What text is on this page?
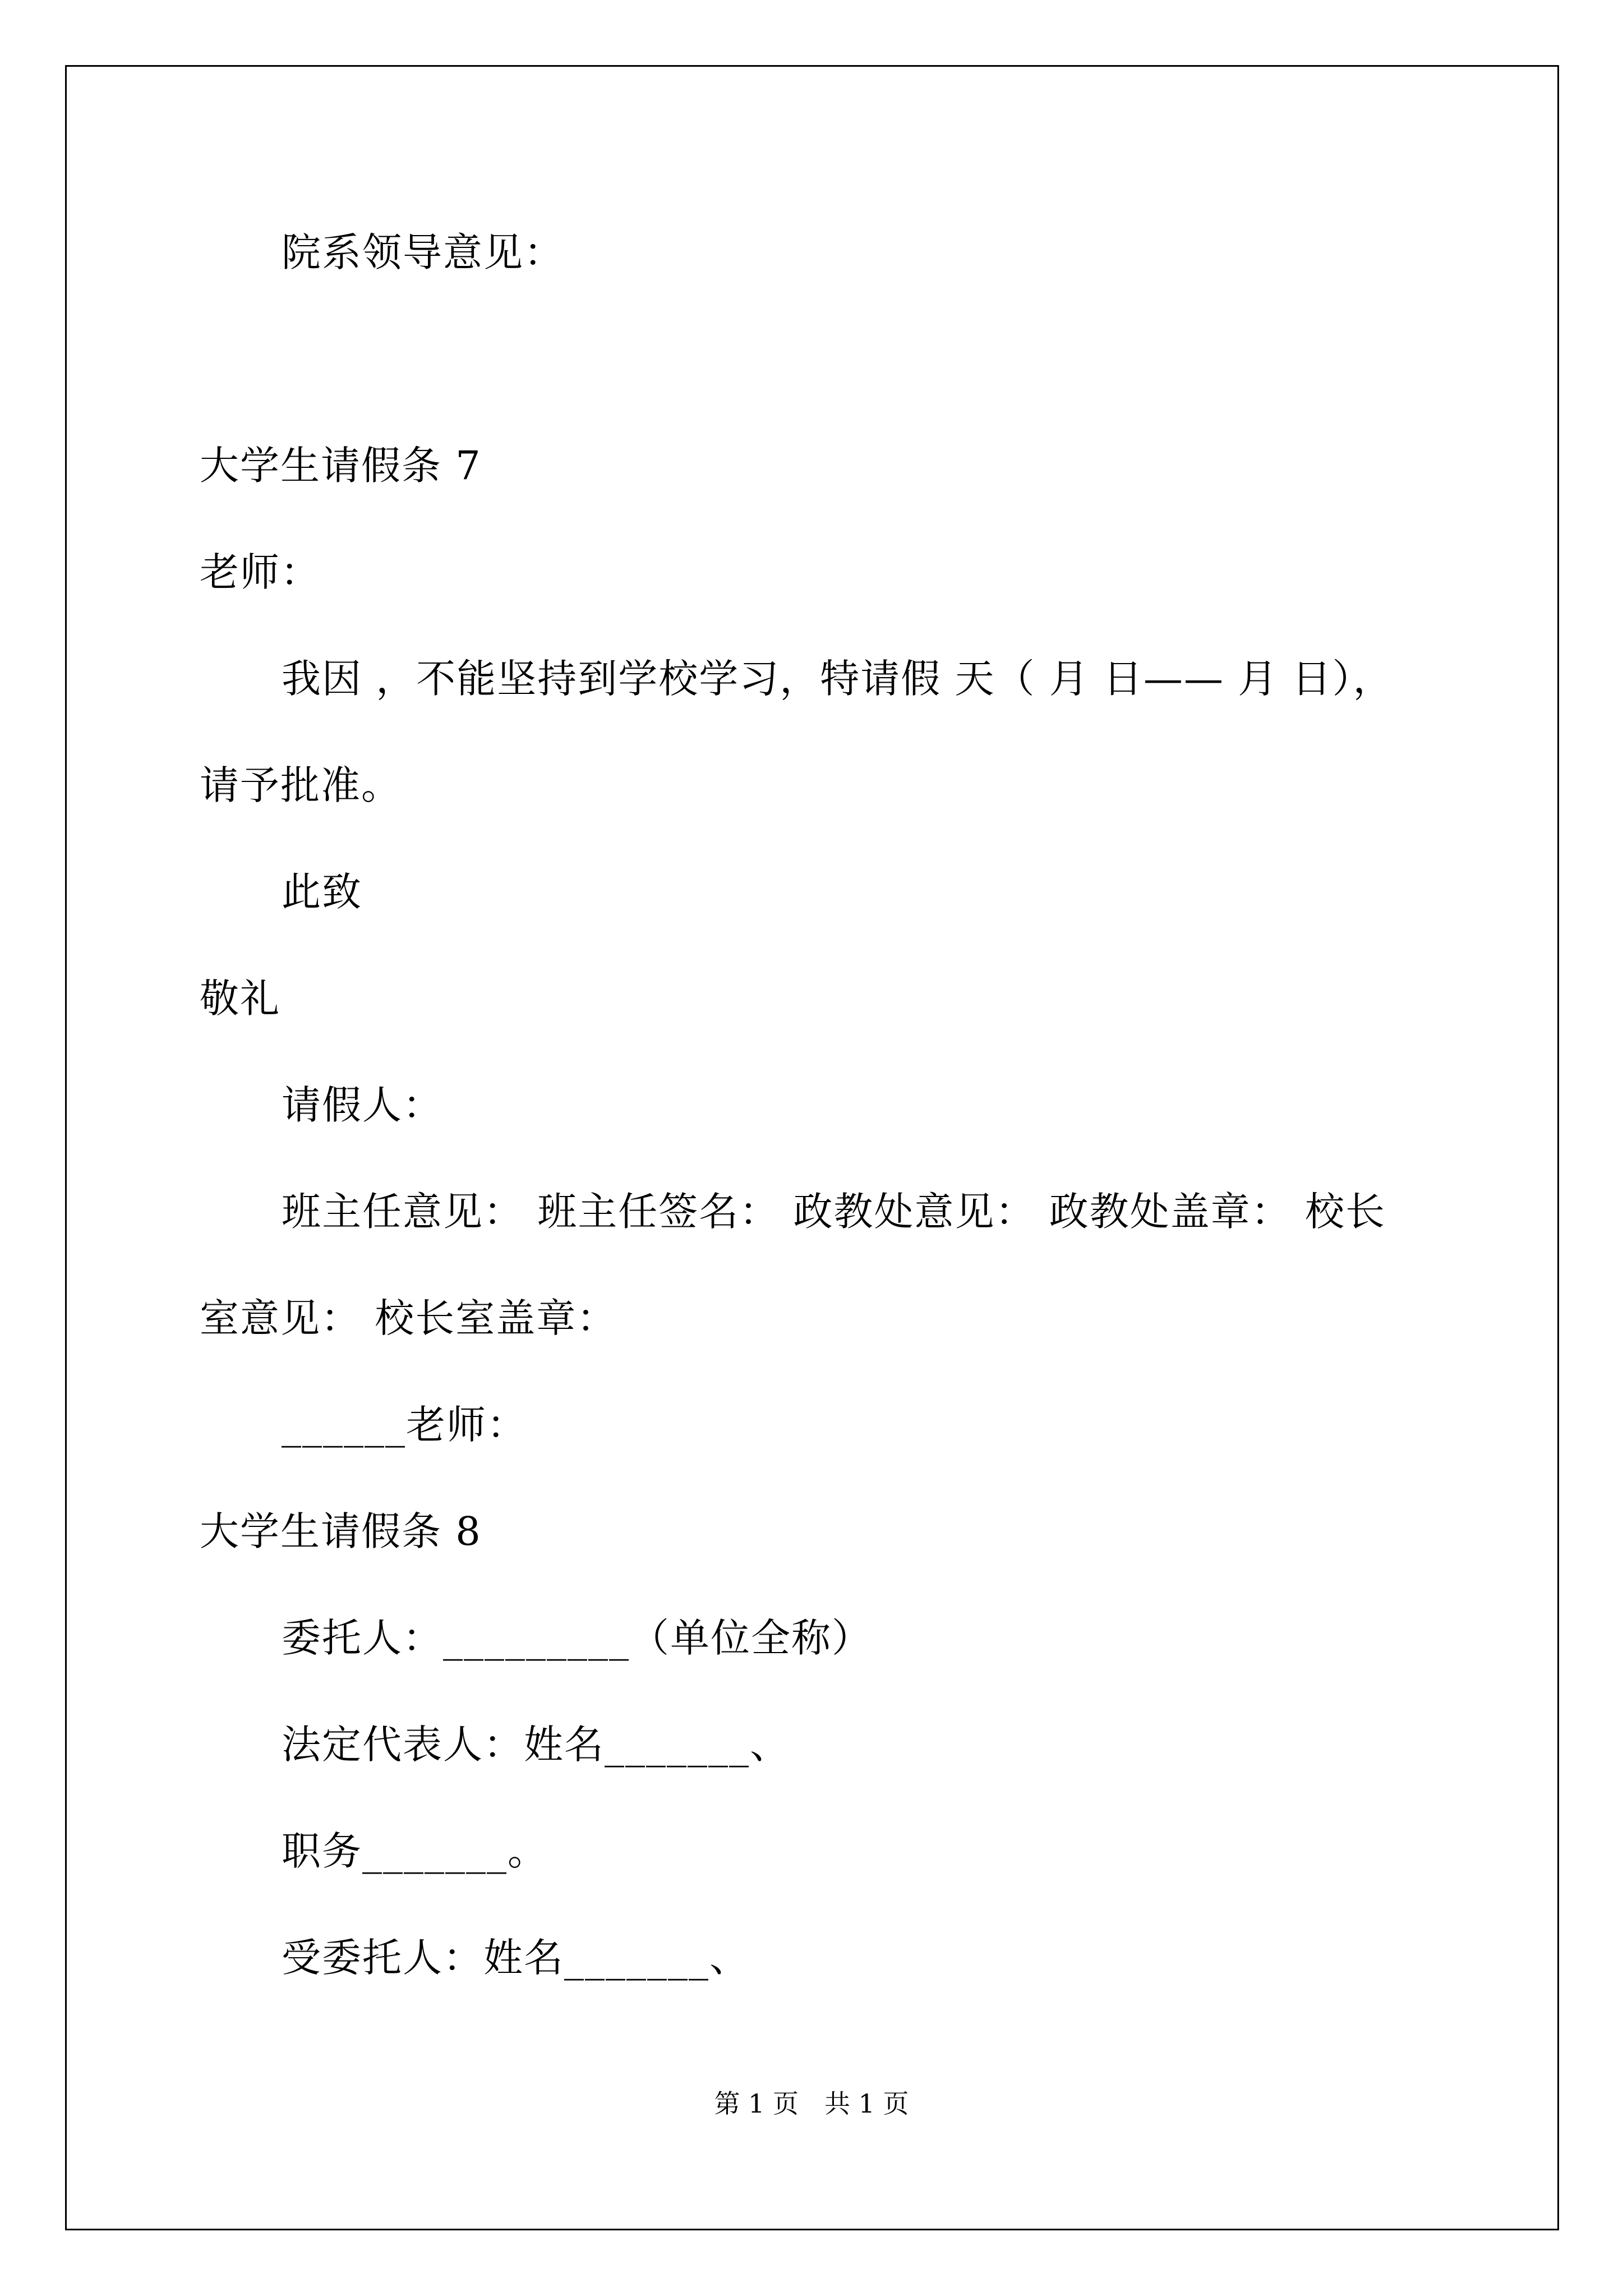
院系领导意见：
大学生请假条 7
老师：
我因 ，不能坚持到学校学习，特请假 天（ 月 日—— 月 日），
请予批准。
此致
敬礼
请假人：
班主任意见： 班主任签名： 政教处意见： 政教处盖章： 校长
室意见： 校长室盖章：
______老师：
大学生请假条 8
委托人：_________（单位全称）
法定代表人：姓名_______、
职务_______。
受委托人：姓名_______、
第 1 页　共 1 页
